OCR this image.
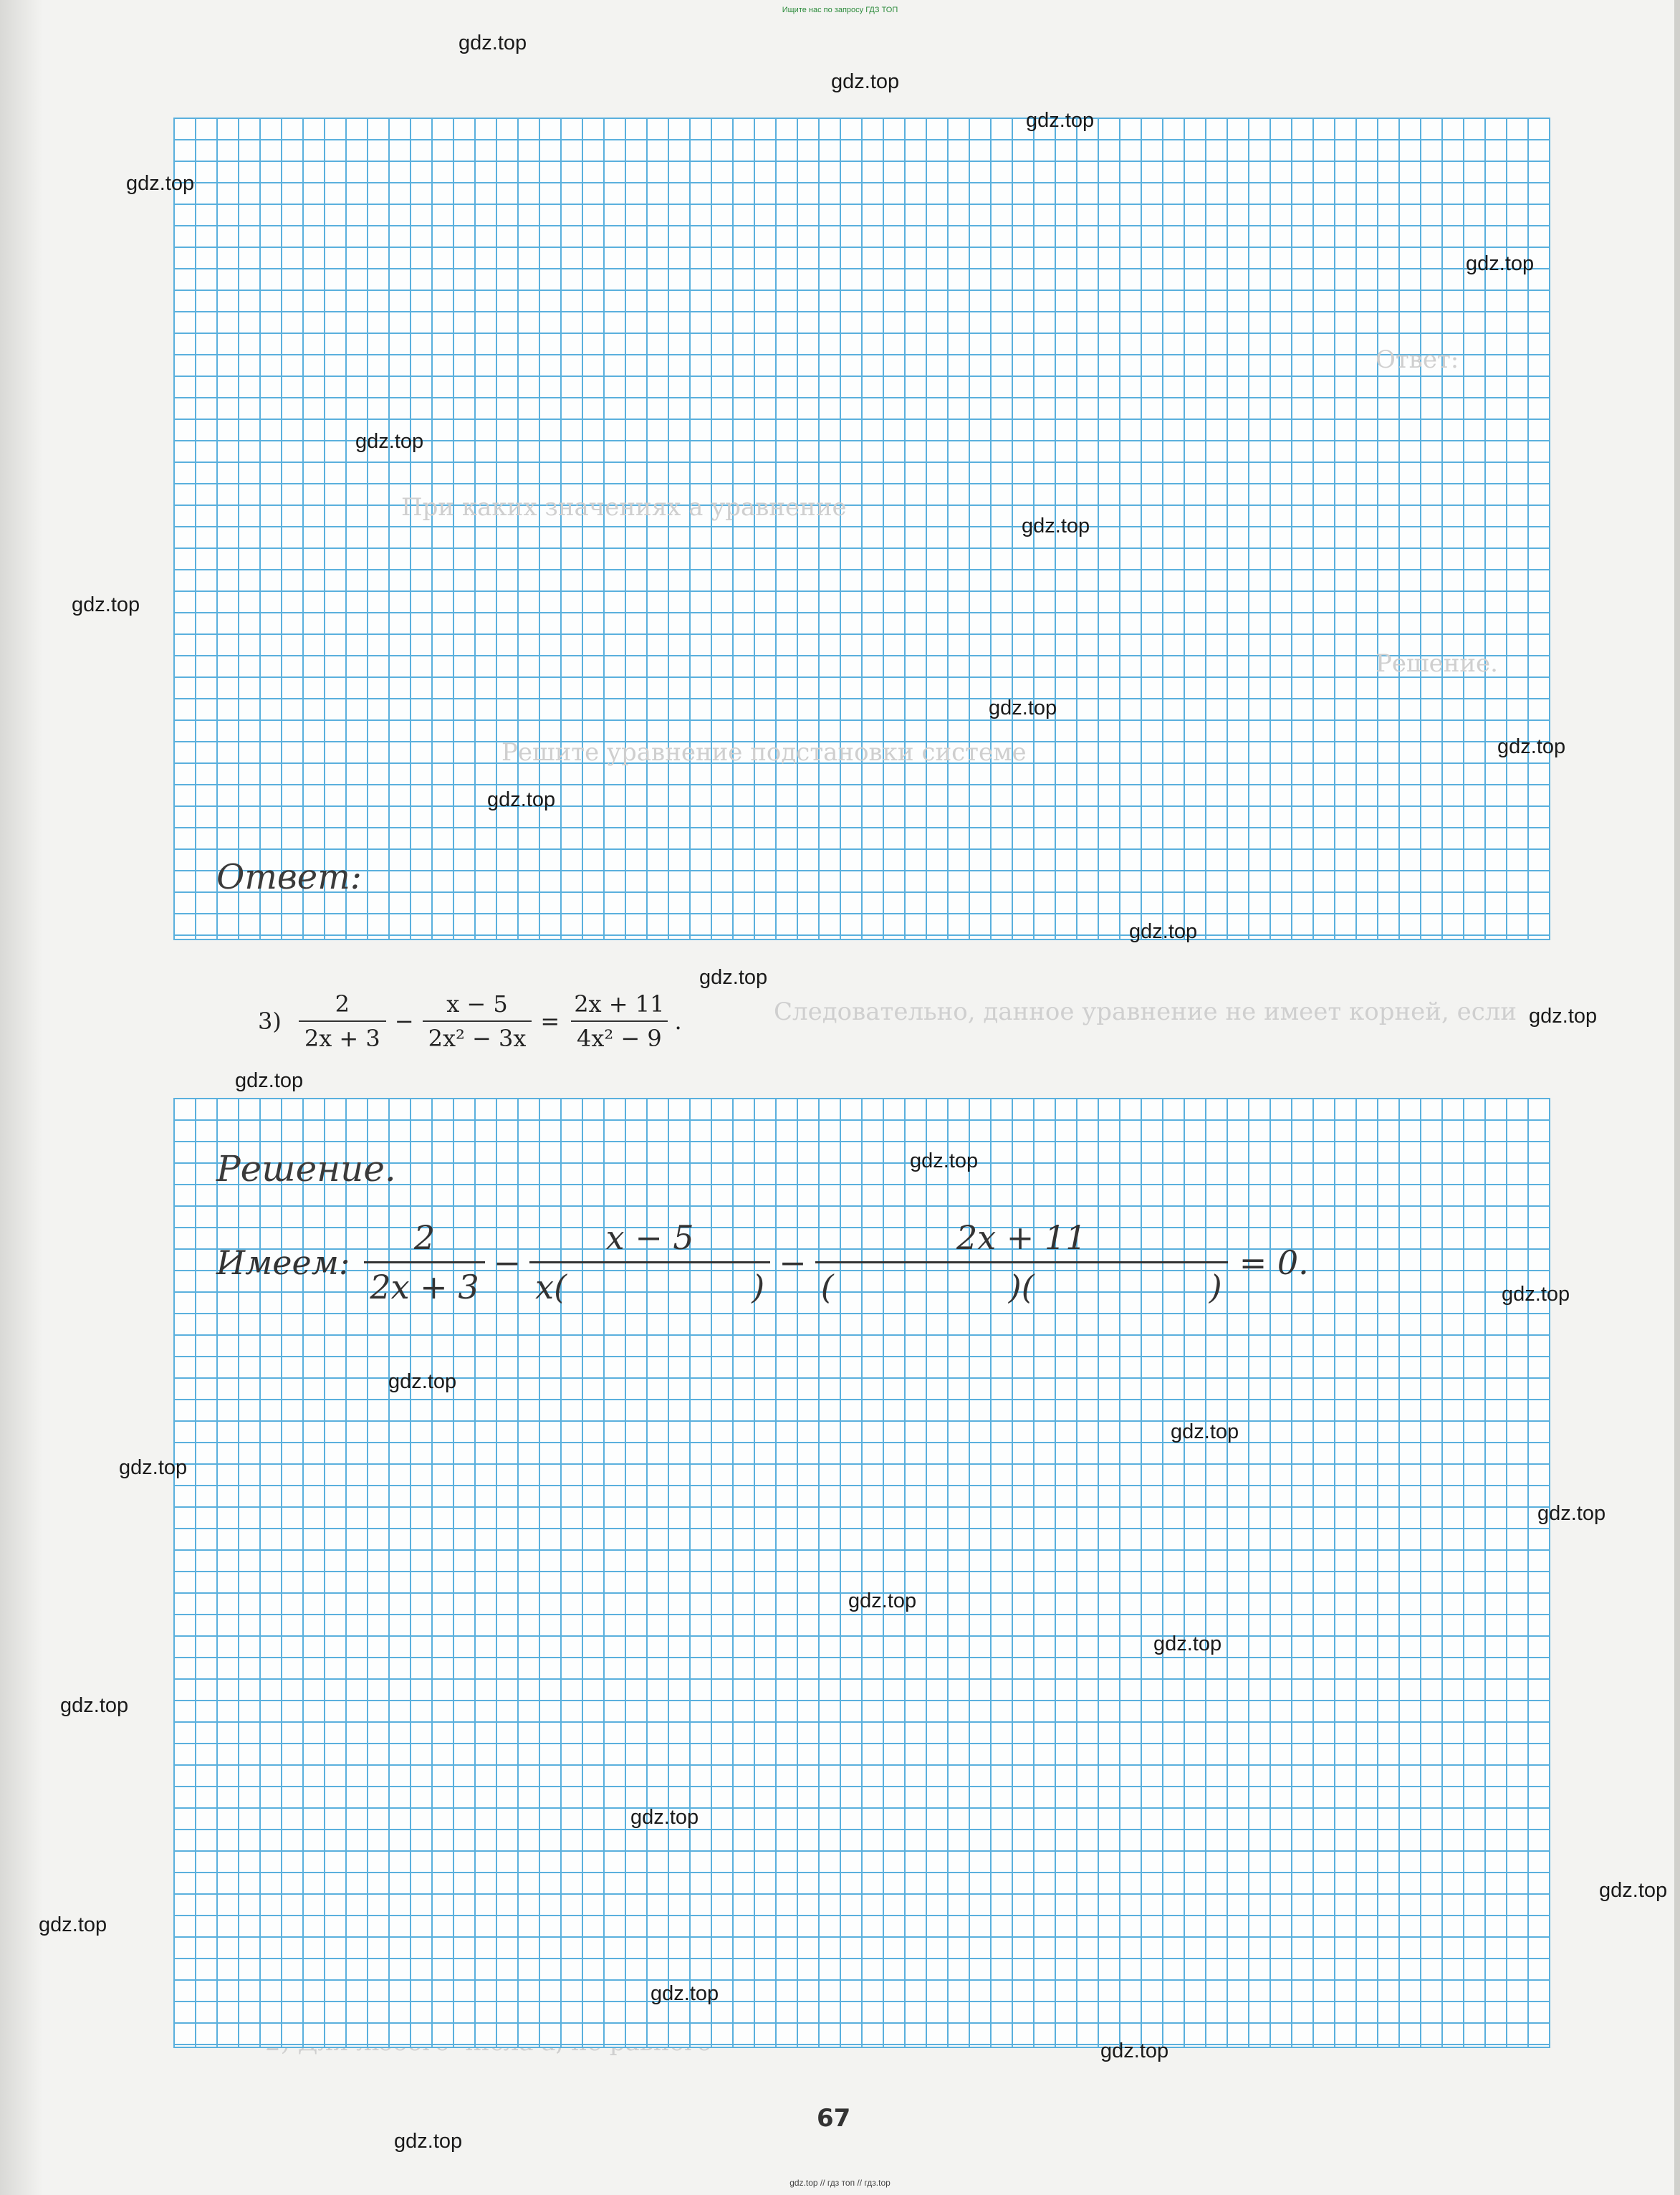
Ищите нас по запросу ГДЗ ТОП
Ответ:
При каких значениях a уравнение
Решение.
Решите уравнение подстановки системе
Следовательно, данное уравнение не имеет корней, если
Ответ:
$3) \frac{2}{2x + 3} - \frac{x - 5}{\text{2x² − 3x}} = \frac{2x + 11}{\text{4x² − 9}}$ .
Решение.
Имеем: $\frac{2}{2x + 3} - x - 5$
x(	) − 2x + 11
(	)(	) = 0.
67
gdz.top
gdz.top
gdz.top
gdz.top
gdz.top
gdz.top
gdz.top
gdz.top
gdz.top
gdz.top
gdz.top
gdz.top
gdz.top
gdz.top
gdz.top
gdz.top
gdz.top
gdz.top
gdz.top
gdz.top
gdz.top
gdz.top
gdz.top
gdz.top
gdz.top
gdz.top
gdz.top
gdz.top
gdz.top
gdz.top
gdz.top // гдз топ // гдз.top
